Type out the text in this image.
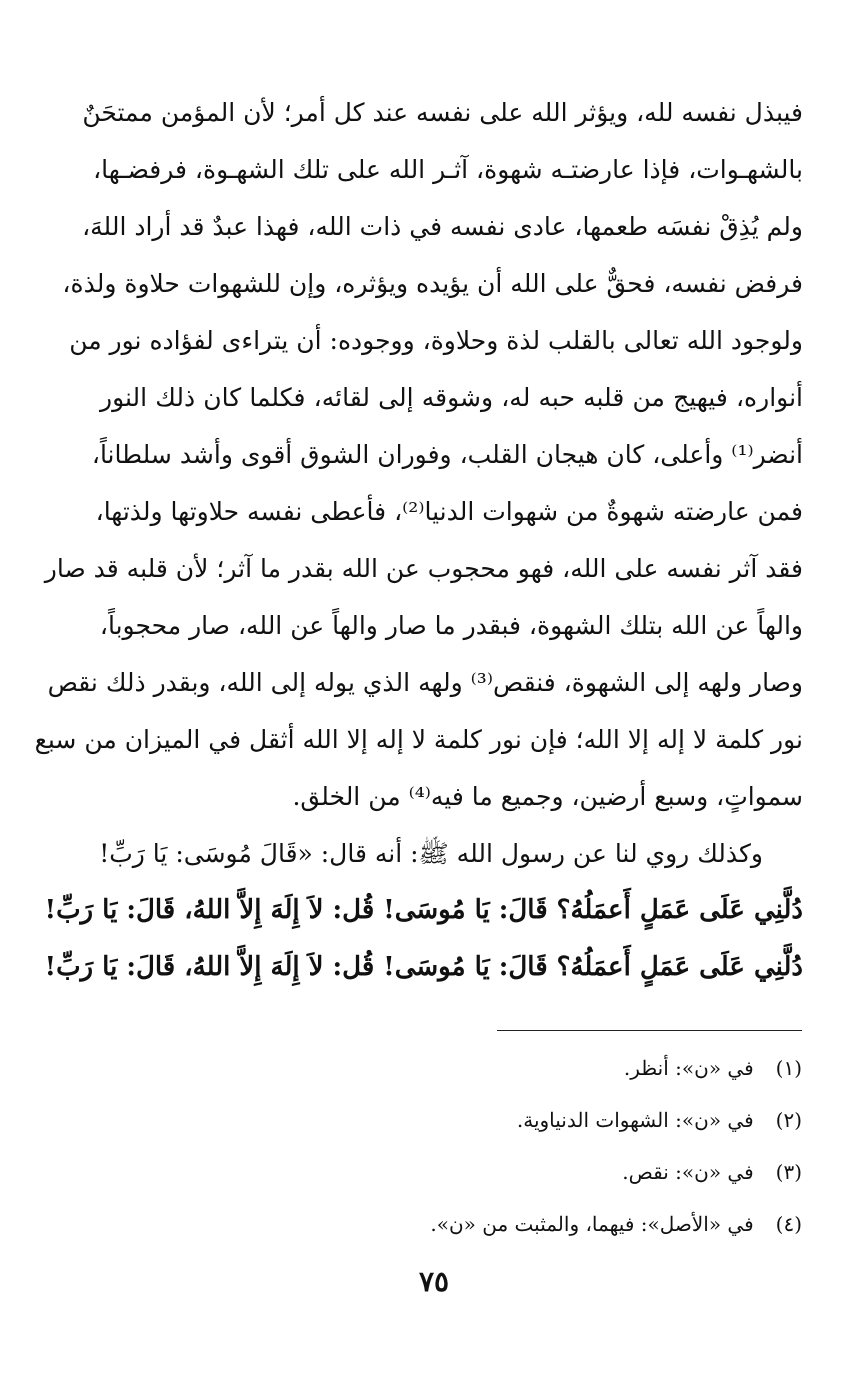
فيبذل نفسه لله، ويؤثر الله على نفسه عند كل أمر؛ لأن المؤمن ممتحَنٌ
بالشهـوات، فإذا عارضتـه شهوة، آثـر الله على تلك الشهـوة، فرفضـها،
ولم يُذِقْ نفسَه طعمها، عادى نفسه في ذات الله، فهذا عبدٌ قد أراد اللهَ،
فرفض نفسه، فحقٌّ على الله أن يؤيده ويؤثره، وإن للشهوات حلاوة ولذة،
ولوجود الله تعالى بالقلب لذة وحلاوة، ووجوده: أن يتراءى لفؤاده نور من
أنواره، فيهيج من قلبه حبه له، وشوقه إلى لقائه، فكلما كان ذلك النور
أنضر⁽¹⁾ وأعلى، كان هيجان القلب، وفوران الشوق أقوى وأشد سلطاناً،
فمن عارضته شهوةٌ من شهوات الدنيا⁽²⁾، فأعطى نفسه حلاوتها ولذتها،
فقد آثر نفسه على الله، فهو محجوب عن الله بقدر ما آثر؛ لأن قلبه قد صار
والهاً عن الله بتلك الشهوة، فبقدر ما صار والهاً عن الله، صار محجوباً،
وصار ولهه إلى الشهوة، فنقص⁽³⁾ ولهه الذي يوله إلى الله، وبقدر ذلك نقص
نور كلمة لا إله إلا الله؛ فإن نور كلمة لا إله إلا الله أثقل في الميزان من سبع
سمواتٍ، وسبع أرضين، وجميع ما فيه⁽⁴⁾ من الخلق.
وكذلك روي لنا عن رسول الله ﷺ: أنه قال: «قَالَ مُوسَى: يَا رَبِّ!
دُلَّنِي عَلَى عَمَلٍ أَعمَلُهُ؟ قَالَ: يَا مُوسَى! قُل: لاَ إِلَهَ إِلاَّ اللهُ، قَالَ: يَا رَبِّ!
دُلَّنِي عَلَى عَمَلٍ أَعمَلُهُ؟ قَالَ: يَا مُوسَى! قُل: لاَ إِلَهَ إِلاَّ اللهُ، قَالَ: يَا رَبِّ!
(١) في «ن»: أنظر.
(٢) في «ن»: الشهوات الدنياوية.
(٣) في «ن»: نقص.
(٤) في «الأصل»: فيهما، والمثبت من «ن».
٧٥
